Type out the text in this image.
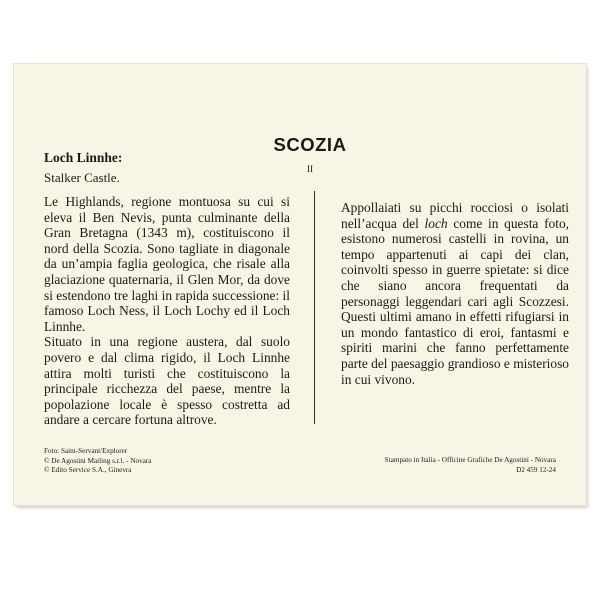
Loch Linnhe:
Stalker Castle.
SCOZIA
II

Le Highlands, regione montuosa su cui si eleva il Ben Nevis, punta culminante della Gran Bretagna (1343 m), costituiscono il nord della Scozia. Sono tagliate in diagonale da un’ampia faglia geologica, che risale alla glaciazione quaternaria, il Glen Mor, da dove si estendono tre laghi in rapida successione: il famoso Loch Ness, il Loch Lochy ed il Loch Linnhe.

Situato in una regione austera, dal suolo povero e dal clima rigido, il Loch Linnhe attira molti turisti che costituiscono la principale ricchezza del paese, mentre la popolazione locale è spesso costretta ad andare a cercare fortuna altrove.

Appollaiati su picchi rocciosi o isolati nell’acqua del loch come in questa foto, esistono numerosi castelli in rovina, un tempo appartenuti ai capi dei clan, coinvolti spesso in guerre spietate: si dice che siano ancora frequentati da personaggi leggendari cari agli Scozzesi. Questi ultimi amano in effetti rifugiarsi in un mondo fantastico di eroi, fantasmi e spiriti marini che fanno perfettamente parte del paesaggio grandioso e misterioso in cui vivono.

Foto: Saint-Servant/Explorer
© De Agostini Mailing s.r.l. - Novara
© Edito Service S.A., Ginevra
Stampato in Italia - Officine Grafiche De Agostini - Novara
D2 459 12-24
